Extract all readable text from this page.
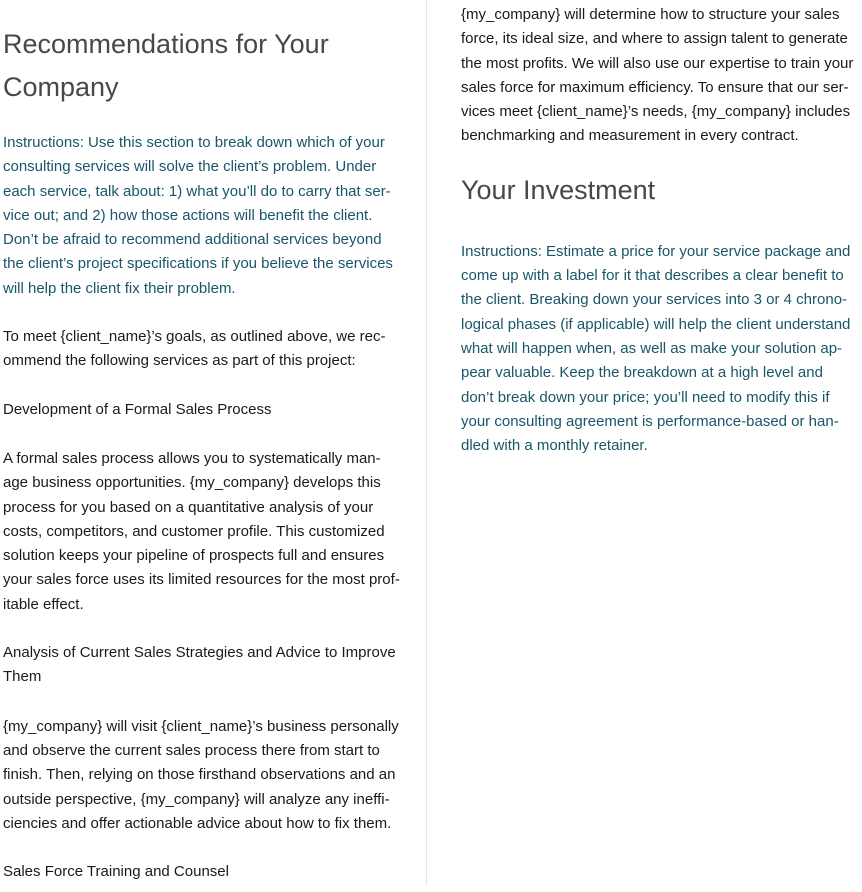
Recommendations for Your
Company

Instructions: Use this section to break down which of your
consulting services will solve the client’s problem. Under
each service, talk about: 1) what you’ll do to carry that ser-
vice out; and 2) how those actions will benefit the client.
Don’t be afraid to recommend additional services beyond
the client’s project specifications if you believe the services
will help the client fix their problem.

To meet {client_name}’s goals, as outlined above, we rec-
ommend the following services as part of this project:

Development of a Formal Sales Process

A formal sales process allows you to systematically man-
age business opportunities. {my_company} develops this
process for you based on a quantitative analysis of your
costs, competitors, and customer profile. This customized
solution keeps your pipeline of prospects full and ensures
your sales force uses its limited resources for the most prof-
itable effect.

Analysis of Current Sales Strategies and Advice to Improve
Them

{my_company} will visit {client_name}’s business personally
and observe the current sales process there from start to
finish. Then, relying on those firsthand observations and an
outside perspective, {my_company} will analyze any ineffi-
ciencies and offer actionable advice about how to fix them.

Sales Force Training and Counsel

{my_company} will determine how to structure your sales
force, its ideal size, and where to assign talent to generate
the most profits. We will also use our expertise to train your
sales force for maximum efficiency. To ensure that our ser-
vices meet {client_name}’s needs, {my_company} includes
benchmarking and measurement in every contract.

Your Investment

Instructions: Estimate a price for your service package and
come up with a label for it that describes a clear benefit to
the client. Breaking down your services into 3 or 4 chrono-
logical phases (if applicable) will help the client understand
what will happen when, as well as make your solution ap-
pear valuable. Keep the breakdown at a high level and
don’t break down your price; you’ll need to modify this if
your consulting agreement is performance-based or han-
dled with a monthly retainer.
